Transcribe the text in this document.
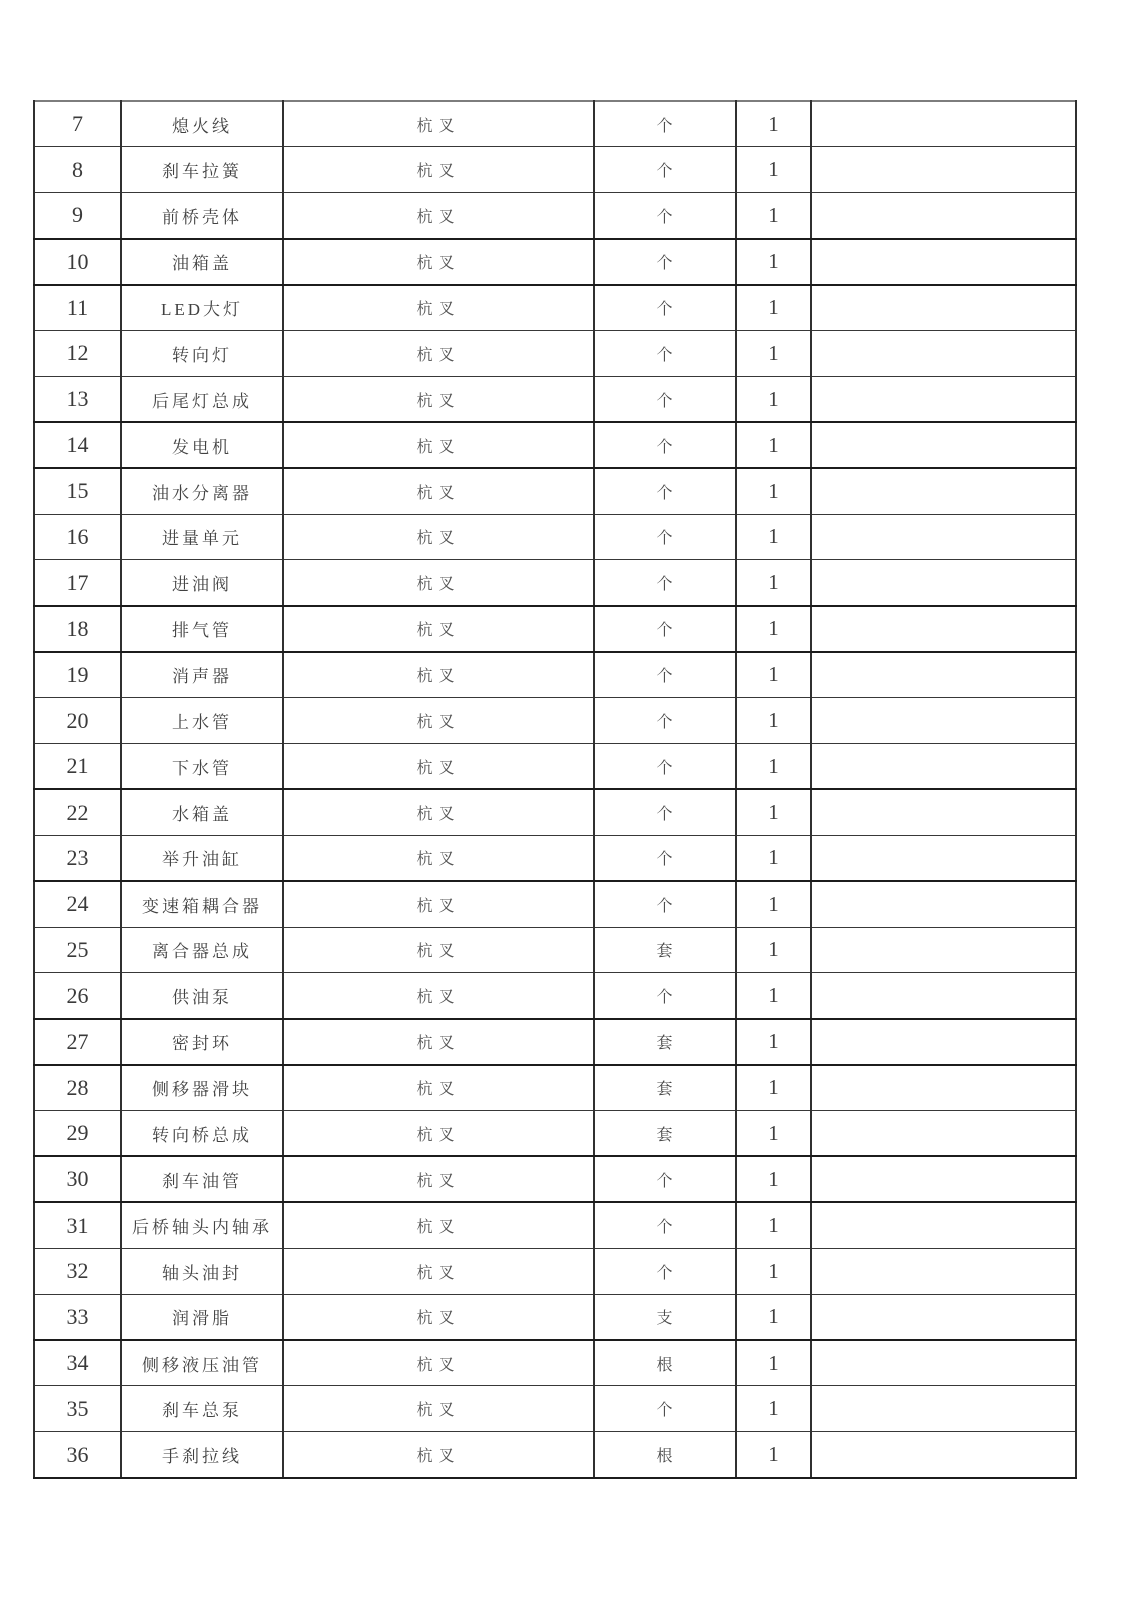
7	熄火线	杭叉	个	1	
8	刹车拉簧	杭叉	个	1	
9	前桥壳体	杭叉	个	1	
10	油箱盖	杭叉	个	1	
11	LED大灯	杭叉	个	1	
12	转向灯	杭叉	个	1	
13	后尾灯总成	杭叉	个	1	
14	发电机	杭叉	个	1	
15	油水分离器	杭叉	个	1	
16	进量单元	杭叉	个	1	
17	进油阀	杭叉	个	1	
18	排气管	杭叉	个	1	
19	消声器	杭叉	个	1	
20	上水管	杭叉	个	1	
21	下水管	杭叉	个	1	
22	水箱盖	杭叉	个	1	
23	举升油缸	杭叉	个	1	
24	变速箱耦合器	杭叉	个	1	
25	离合器总成	杭叉	套	1	
26	供油泵	杭叉	个	1	
27	密封环	杭叉	套	1	
28	侧移器滑块	杭叉	套	1	
29	转向桥总成	杭叉	套	1	
30	刹车油管	杭叉	个	1	
31	后桥轴头内轴承	杭叉	个	1	
32	轴头油封	杭叉	个	1	
33	润滑脂	杭叉	支	1	
34	侧移液压油管	杭叉	根	1	
35	刹车总泵	杭叉	个	1	
36	手刹拉线	杭叉	根	1	
